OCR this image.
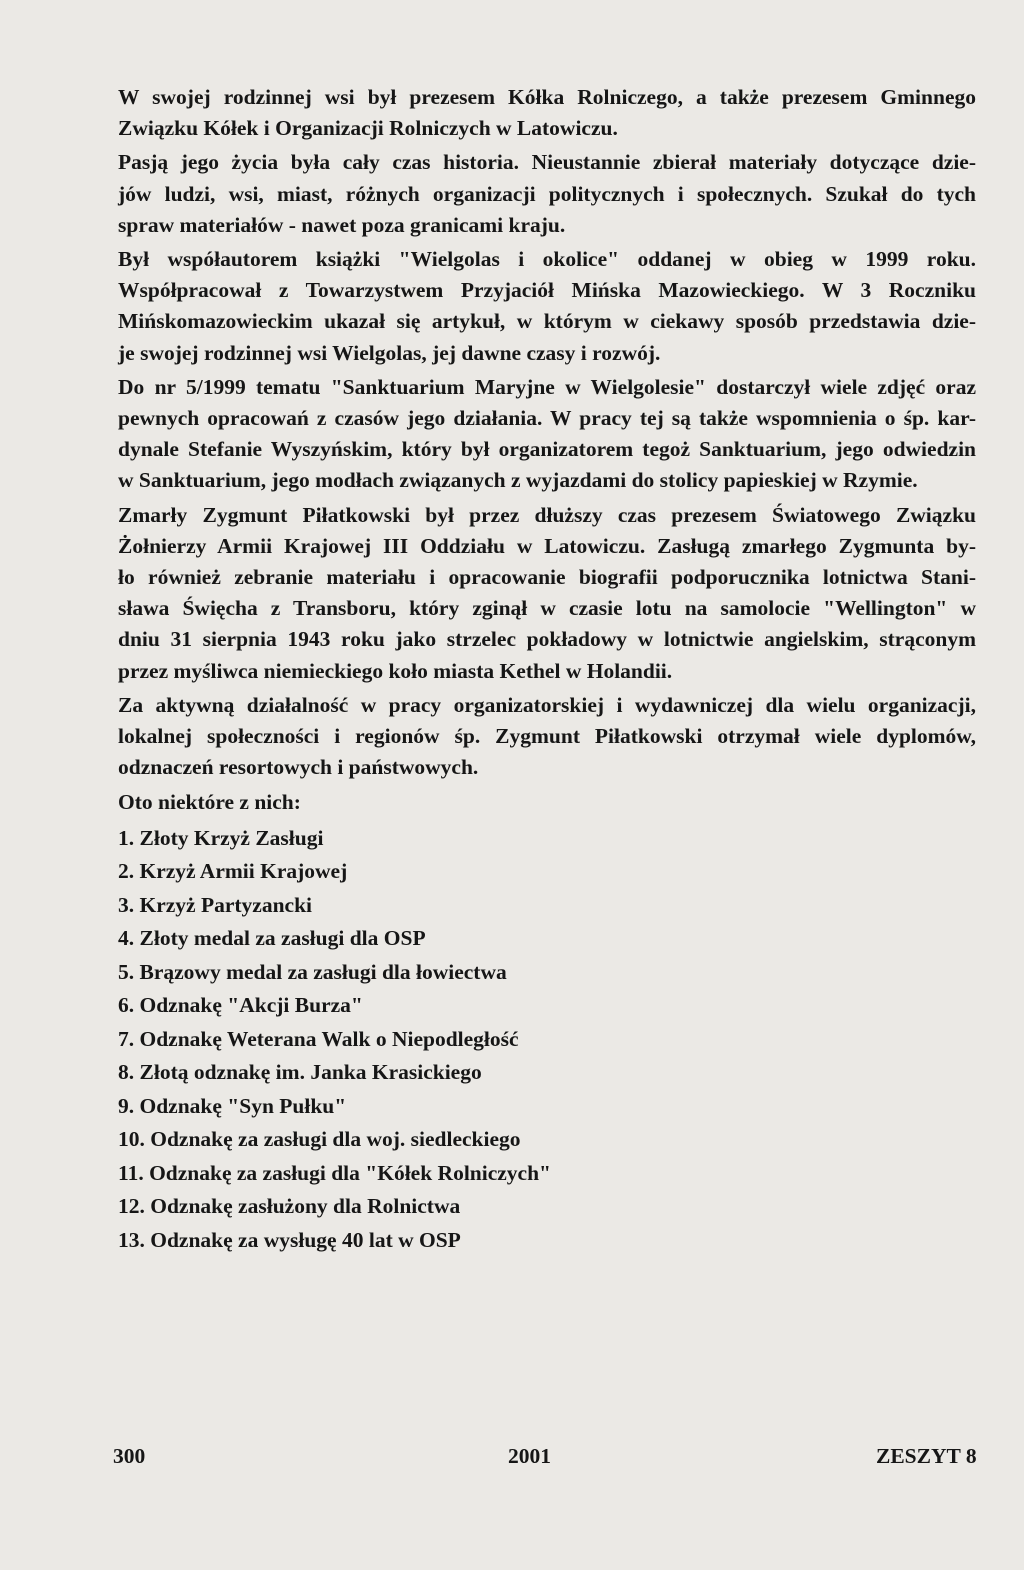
W swojej rodzinnej wsi był prezesem Kółka Rolniczego, a także prezesem Gminnego
Związku Kółek i Organizacji Rolniczych w Latowiczu.

Pasją jego życia była cały czas historia. Nieustannie zbierał materiały dotyczące dzie-
jów ludzi, wsi, miast, różnych organizacji politycznych i społecznych. Szukał do tych
spraw materiałów - nawet poza granicami kraju.

Był współautorem książki "Wielgolas i okolice" oddanej w obieg w 1999 roku.
Współpracował z Towarzystwem Przyjaciół Mińska Mazowieckiego. W 3 Roczniku
Mińskomazowieckim ukazał się artykuł, w którym w ciekawy sposób przedstawia dzie-
je swojej rodzinnej wsi Wielgolas, jej dawne czasy i rozwój.

Do nr 5/1999 tematu "Sanktuarium Maryjne w Wielgolesie" dostarczył wiele zdjęć oraz
pewnych opracowań z czasów jego działania. W pracy tej są także wspomnienia o śp. kar-
dynale Stefanie Wyszyńskim, który był organizatorem tegoż Sanktuarium, jego odwiedzin
w Sanktuarium, jego modłach związanych z wyjazdami do stolicy papieskiej w Rzymie.

Zmarły Zygmunt Piłatkowski był przez dłuższy czas prezesem Światowego Związku
Żołnierzy Armii Krajowej III Oddziału w Latowiczu. Zasługą zmarłego Zygmunta by-
ło również zebranie materiału i opracowanie biografii podporucznika lotnictwa Stani-
sława Święcha z Transboru, który zginął w czasie lotu na samolocie "Wellington" w
dniu 31 sierpnia 1943 roku jako strzelec pokładowy w lotnictwie angielskim, strąconym
przez myśliwca niemieckiego koło miasta Kethel w Holandii.

Za aktywną działalność w pracy organizatorskiej i wydawniczej dla wielu organizacji,
lokalnej społeczności i regionów śp. Zygmunt Piłatkowski otrzymał wiele dyplomów,
odznaczeń resortowych i państwowych.

Oto niektóre z nich:

1. Złoty Krzyż Zasługi
2. Krzyż Armii Krajowej
3. Krzyż Partyzancki
4. Złoty medal za zasługi dla OSP
5. Brązowy medal za zasługi dla łowiectwa
6. Odznakę "Akcji Burza"
7. Odznakę Weterana Walk o Niepodległość
8. Złotą odznakę im. Janka Krasickiego
9. Odznakę "Syn Pułku"
10. Odznakę za zasługi dla woj. siedleckiego
11. Odznakę za zasługi dla "Kółek Rolniczych"
12. Odznakę zasłużony dla Rolnictwa
13. Odznakę za wysługę 40 lat w OSP
300	2001	ZESZYT 8
